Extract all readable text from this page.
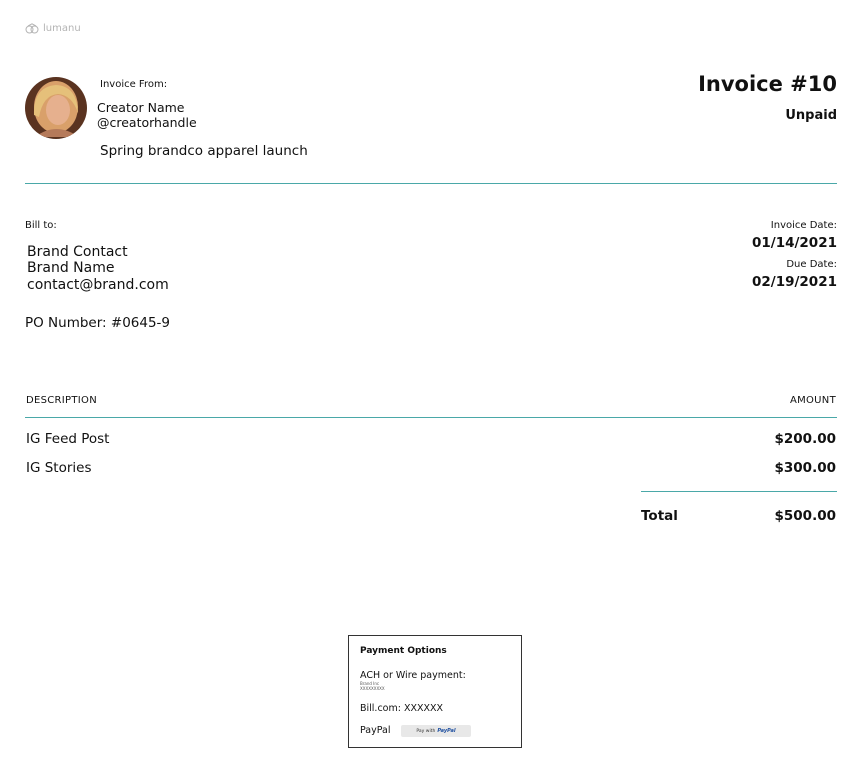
lumanu
Invoice From:
Creator Name
@creatorhandle
Spring brandco apparel launch
Invoice #10
Unpaid
Bill to:
Brand Contact
Brand Name
contact@brand.com
PO Number: #0645-9
Invoice Date:
01/14/2021
Due Date:
02/19/2021
DESCRIPTION	AMOUNT
IG Feed Post	$200.00
IG Stories	$300.00
Total	$500.00
Payment Options
ACH or Wire payment:
Brand Inc
XXXXXXXXX
Bill.com: XXXXXX
PayPal	Pay with PayPal
